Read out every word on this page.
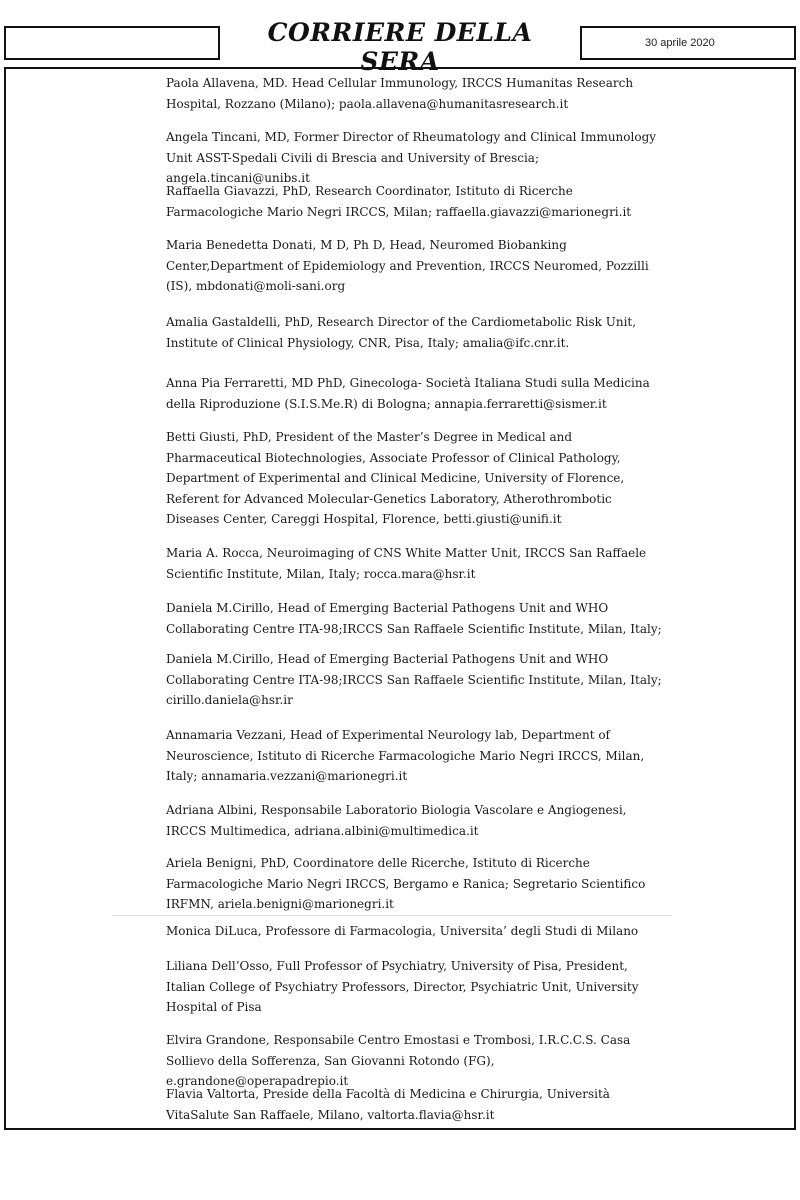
CORRIERE DELLA SERA
30 aprile 2020
Paola Allavena, MD. Head Cellular Immunology, IRCCS Humanitas Research Hospital, Rozzano (Milano); paola.allavena@humanitasresearch.it
Angela Tincani, MD, Former Director of Rheumatology and Clinical Immunology Unit ASST-Spedali Civili di Brescia and University of Brescia; angela.tincani@unibs.it
Raffaella Giavazzi, PhD, Research Coordinator, Istituto di Ricerche Farmacologiche Mario Negri IRCCS, Milan; raffaella.giavazzi@marionegri.it
Maria Benedetta Donati, M D, Ph D, Head, Neuromed Biobanking Center,Department of Epidemiology and Prevention, IRCCS Neuromed, Pozzilli (IS), mbdonati@moli-sani.org
Amalia Gastaldelli, PhD, Research Director of the Cardiometabolic Risk Unit, Institute of Clinical Physiology, CNR, Pisa, Italy; amalia@ifc.cnr.it.
Anna Pia Ferraretti, MD PhD, Ginecologa- Società Italiana Studi sulla Medicina della Riproduzione (S.I.S.Me.R) di Bologna; annapia.ferraretti@sismer.it
Betti Giusti, PhD, President of the Master’s Degree in Medical and Pharmaceutical Biotechnologies, Associate Professor of Clinical Pathology, Department of Experimental and Clinical Medicine, University of Florence, Referent for Advanced Molecular-Genetics Laboratory, Atherothrombotic Diseases Center, Careggi Hospital, Florence, betti.giusti@unifi.it
Maria A. Rocca, Neuroimaging of CNS White Matter Unit, IRCCS San Raffaele Scientific Institute, Milan, Italy; rocca.mara@hsr.it
Daniela M.Cirillo, Head of Emerging Bacterial Pathogens Unit and WHO Collaborating Centre ITA-98;IRCCS San Raffaele Scientific Institute, Milan, Italy;
Daniela M.Cirillo, Head of Emerging Bacterial Pathogens Unit and WHO Collaborating Centre ITA-98;IRCCS San Raffaele Scientific Institute, Milan, Italy; cirillo.daniela@hsr.ir
Annamaria Vezzani, Head of Experimental Neurology lab, Department of Neuroscience, Istituto di Ricerche Farmacologiche Mario Negri IRCCS, Milan, Italy; annamaria.vezzani@marionegri.it
Adriana Albini, Responsabile Laboratorio Biologia Vascolare e Angiogenesi, IRCCS Multimedica, adriana.albini@multimedica.it
Ariela Benigni, PhD, Coordinatore delle Ricerche, Istituto di Ricerche Farmacologiche Mario Negri IRCCS, Bergamo e Ranica; Segretario Scientifico IRFMN, ariela.benigni@marionegri.it
Monica DiLuca, Professore di Farmacologia, Universita’ degli Studi di Milano
Liliana Dell’Osso, Full Professor of Psychiatry, University of Pisa, President, Italian College of Psychiatry Professors, Director, Psychiatric Unit, University Hospital of Pisa
Elvira Grandone, Responsabile Centro Emostasi e Trombosi, I.R.C.C.S. Casa Sollievo della Sofferenza, San Giovanni Rotondo (FG), e.grandone@operapadrepio.it
Flavia Valtorta, Preside della Facoltà di Medicina e Chirurgia, Università VitaSalute San Raffaele, Milano, valtorta.flavia@hsr.it
